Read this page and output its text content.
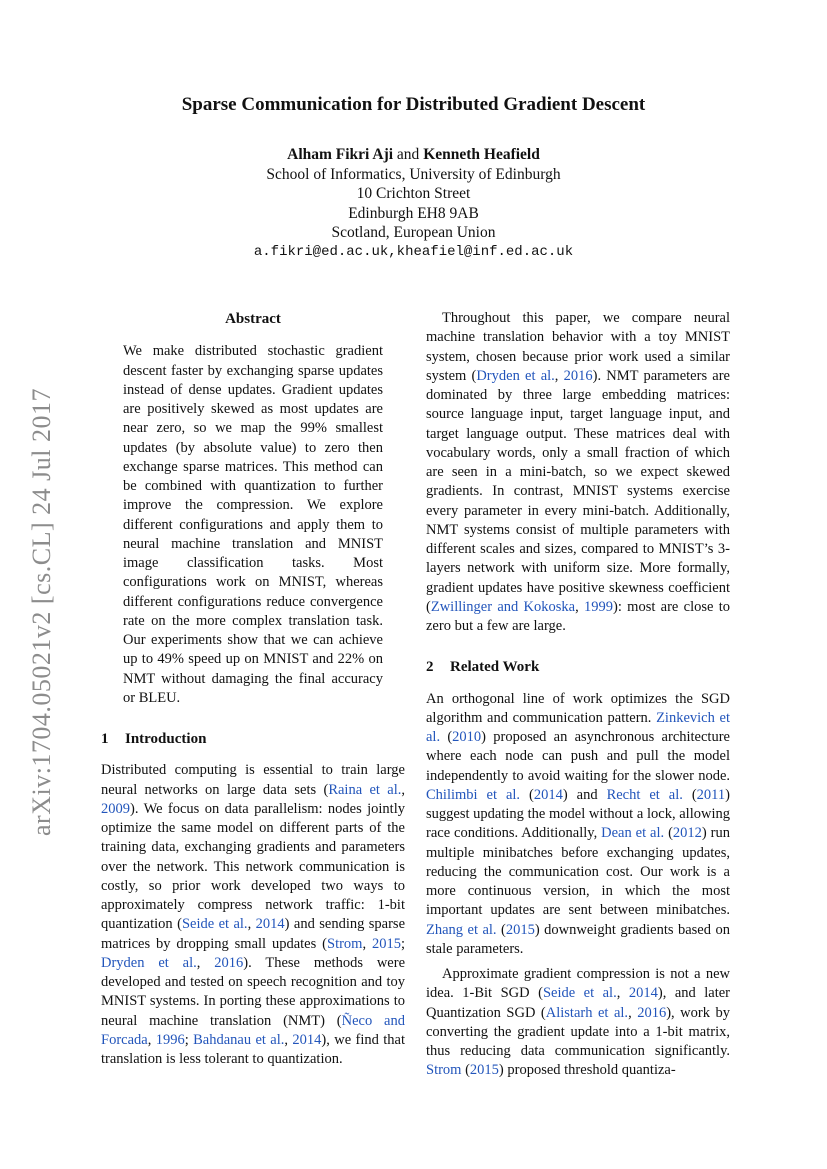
arXiv:1704.05021v2 [cs.CL] 24 Jul 2017
Sparse Communication for Distributed Gradient Descent
Alham Fikri Aji and Kenneth Heafield
School of Informatics, University of Edinburgh
10 Crichton Street
Edinburgh EH8 9AB
Scotland, European Union
a.fikri@ed.ac.uk,kheafiel@inf.ed.ac.uk
Abstract

We make distributed stochastic gradient descent faster by exchanging sparse updates instead of dense updates. Gradient updates are positively skewed as most updates are near zero, so we map the 99% smallest updates (by absolute value) to zero then exchange sparse matrices. This method can be combined with quantization to further improve the compression. We explore different configurations and apply them to neural machine translation and MNIST image classification tasks. Most configurations work on MNIST, whereas different configurations reduce convergence rate on the more complex translation task. Our experiments show that we can achieve up to 49% speed up on MNIST and 22% on NMT without damaging the final accuracy or BLEU.

1 Introduction

Distributed computing is essential to train large neural networks on large data sets (Raina et al., 2009). We focus on data parallelism: nodes jointly optimize the same model on different parts of the training data, exchanging gradients and parameters over the network. This network communication is costly, so prior work developed two ways to approximately compress network traffic: 1-bit quantization (Seide et al., 2014) and sending sparse matrices by dropping small updates (Strom, 2015; Dryden et al., 2016). These methods were developed and tested on speech recognition and toy MNIST systems. In porting these approximations to neural machine translation (NMT) (Ñeco and Forcada, 1996; Bahdanau et al., 2014), we find that translation is less tolerant to quantization.

Throughout this paper, we compare neural machine translation behavior with a toy MNIST system, chosen because prior work used a similar system (Dryden et al., 2016). NMT parameters are dominated by three large embedding matrices: source language input, target language input, and target language output. These matrices deal with vocabulary words, only a small fraction of which are seen in a mini-batch, so we expect skewed gradients. In contrast, MNIST systems exercise every parameter in every mini-batch. Additionally, NMT systems consist of multiple parameters with different scales and sizes, compared to MNIST’s 3-layers network with uniform size. More formally, gradient updates have positive skewness coefficient (Zwillinger and Kokoska, 1999): most are close to zero but a few are large.

2 Related Work

An orthogonal line of work optimizes the SGD algorithm and communication pattern. Zinkevich et al. (2010) proposed an asynchronous architecture where each node can push and pull the model independently to avoid waiting for the slower node. Chilimbi et al. (2014) and Recht et al. (2011) suggest updating the model without a lock, allowing race conditions. Additionally, Dean et al. (2012) run multiple minibatches before exchanging updates, reducing the communication cost. Our work is a more continuous version, in which the most important updates are sent between minibatches. Zhang et al. (2015) downweight gradients based on stale parameters.

Approximate gradient compression is not a new idea. 1-Bit SGD (Seide et al., 2014), and later Quantization SGD (Alistarh et al., 2016), work by converting the gradient update into a 1-bit matrix, thus reducing data communication significantly. Strom (2015) proposed threshold quantiza-
